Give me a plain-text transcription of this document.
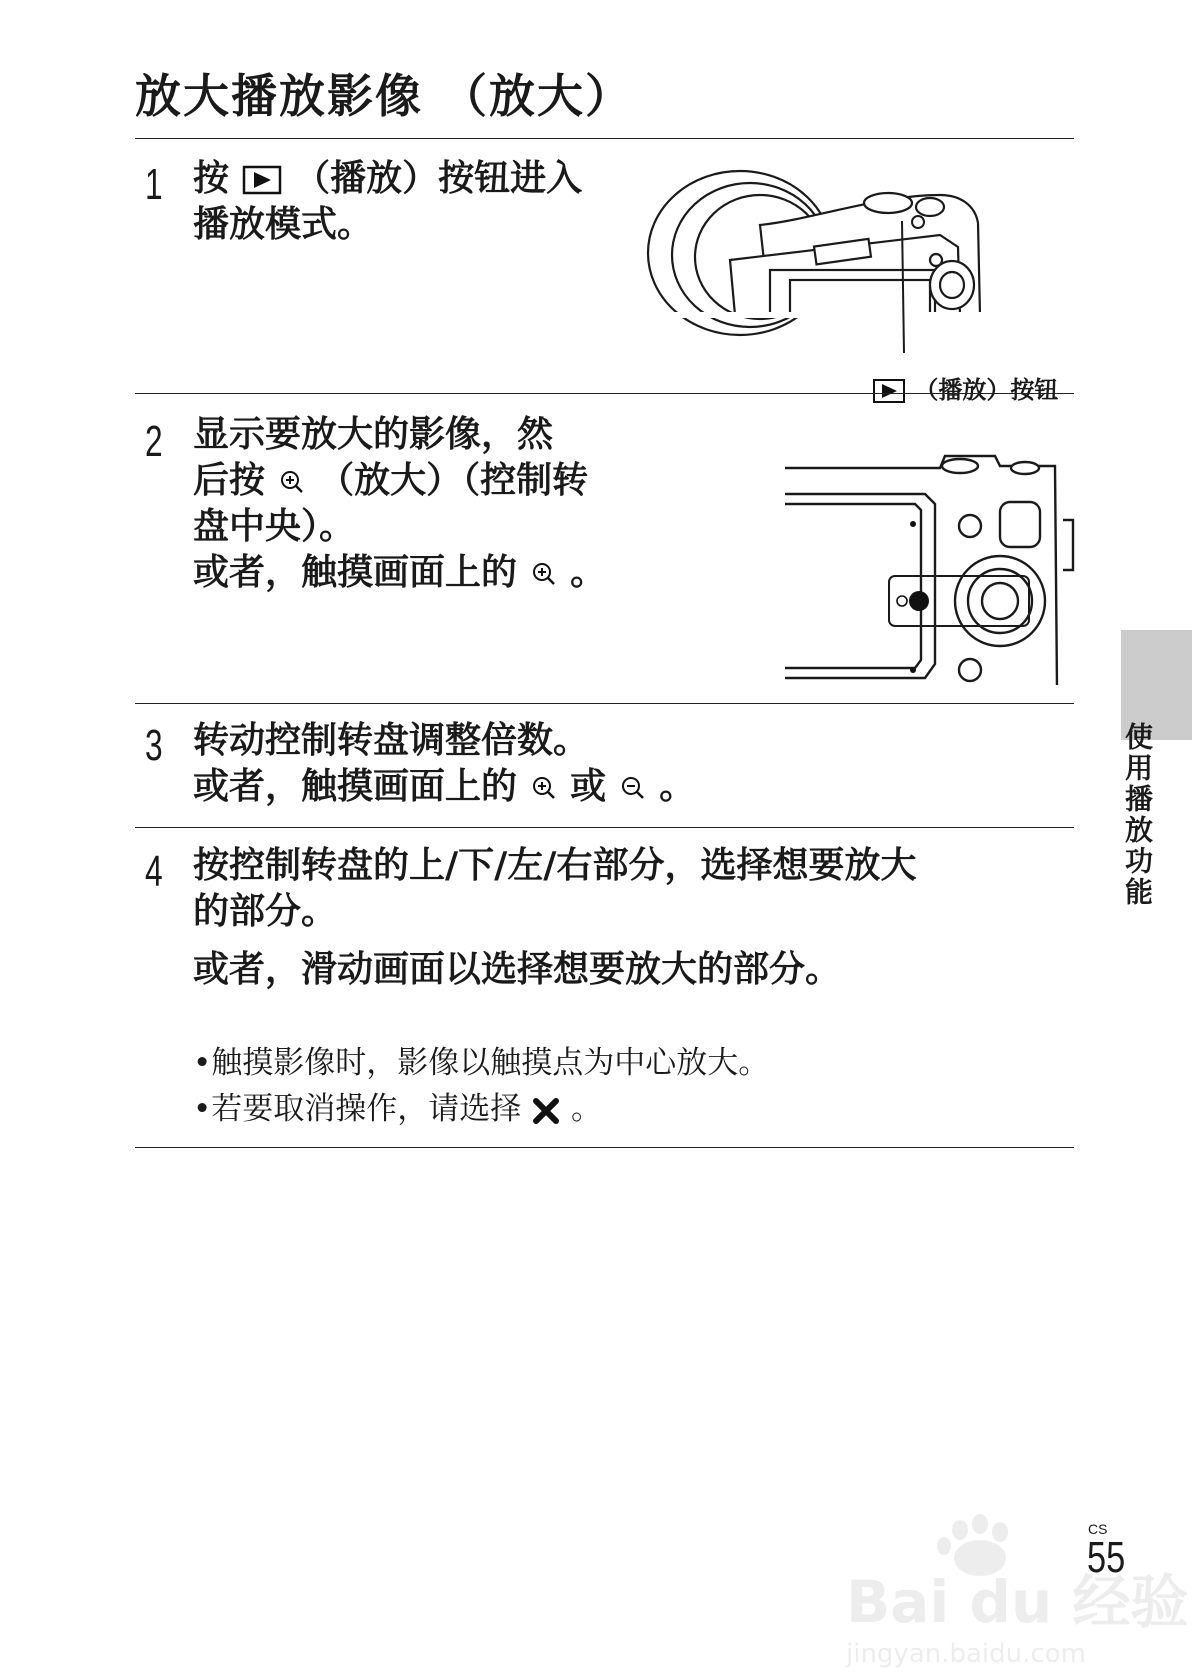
放大播放影像 （放大）
1 按 （播放）按钮进入
播放模式。
（播放）按钮
2 显示要放大的影像，然
后按 （放大）（控制转
盘中央）。
或者，触摸画面上的 。
3 转动控制转盘调整倍数。
或者，触摸画面上的 或 。
4 按控制转盘的上/下/左/右部分，选择想要放大
的部分。
或者，滑动画面以选择想要放大的部分。
•触摸影像时，影像以触摸点为中心放大。
•若要取消操作，请选择 。
使用播放功能
CS
55
Bai du 经验
jingyan.baidu.com
